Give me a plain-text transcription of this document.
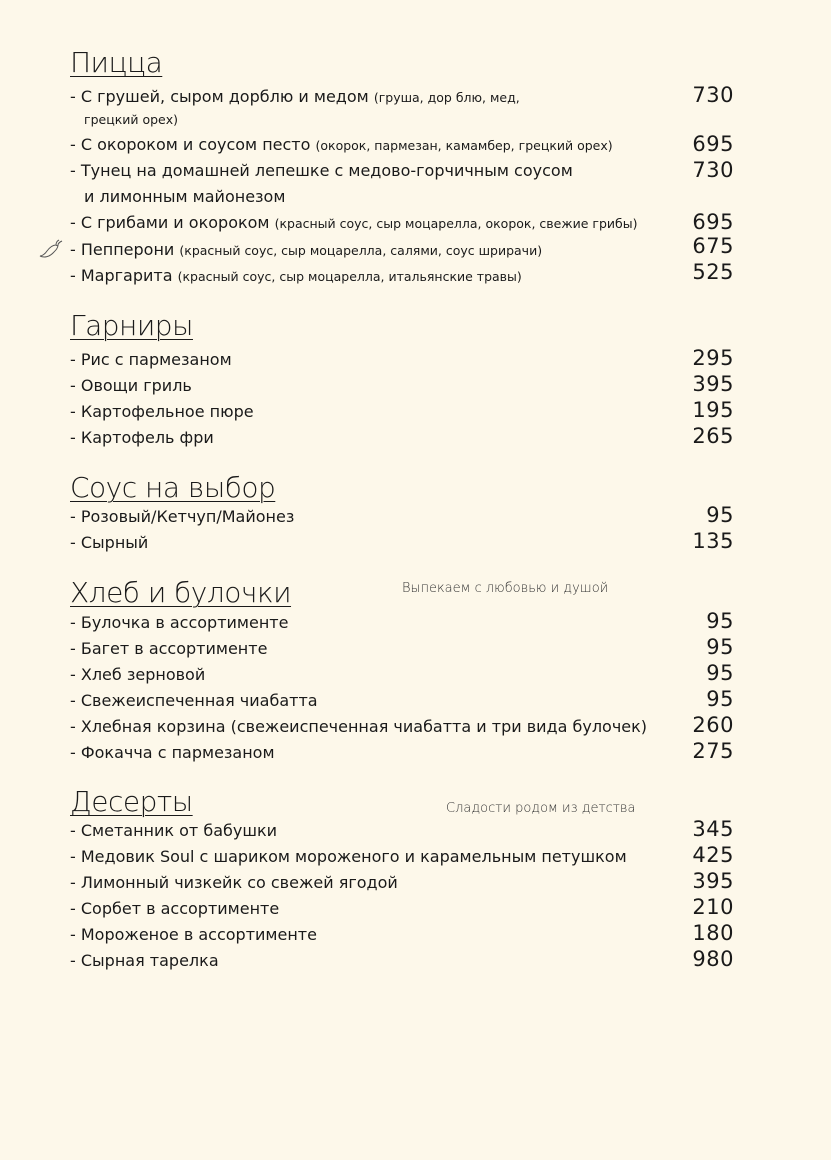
Пицца
- С грушей, сыром дорблю и медом (груша, дор блю, мед,
грецкий орех)
730
- С окороком и соусом песто (окорок, пармезан, камамбер, грецкий орех)	695
- Тунец на домашней лепешке с медово-горчичным соусом
и лимонным майонезом
730
- С грибами и окороком (красный соус, сыр моцарелла, окорок, свежие грибы)	695
- Пепперони (красный соус, сыр моцарелла, салями, соус шрирачи)	675
- Маргарита (красный соус, сыр моцарелла, итальянские травы)	525
Гарниры
- Рис с пармезаном	295
- Овощи гриль	395
- Картофельное пюре	195
- Картофель фри	265
Соус на выбор
- Розовый/Кетчуп/Майонез	95
- Сырный	135
Хлеб и булочки	Выпекаем с любовью и душой
- Булочка в ассортименте	95
- Багет в ассортименте	95
- Хлеб зерновой	95
- Свежеиспеченная чиабатта	95
- Хлебная корзина (свежеиспеченная чиабатта и три вида булочек) 260
- Фокачча с пармезаном	275
Десерты	Сладости родом из детства
- Сметанник от бабушки	345
- Медовик Soul с шариком мороженого и карамельным петушком	425
- Лимонный чизкейк со свежей ягодой	395
- Сорбет в ассортименте	210
- Мороженое в ассортименте	180
- Сырная тарелка	980
